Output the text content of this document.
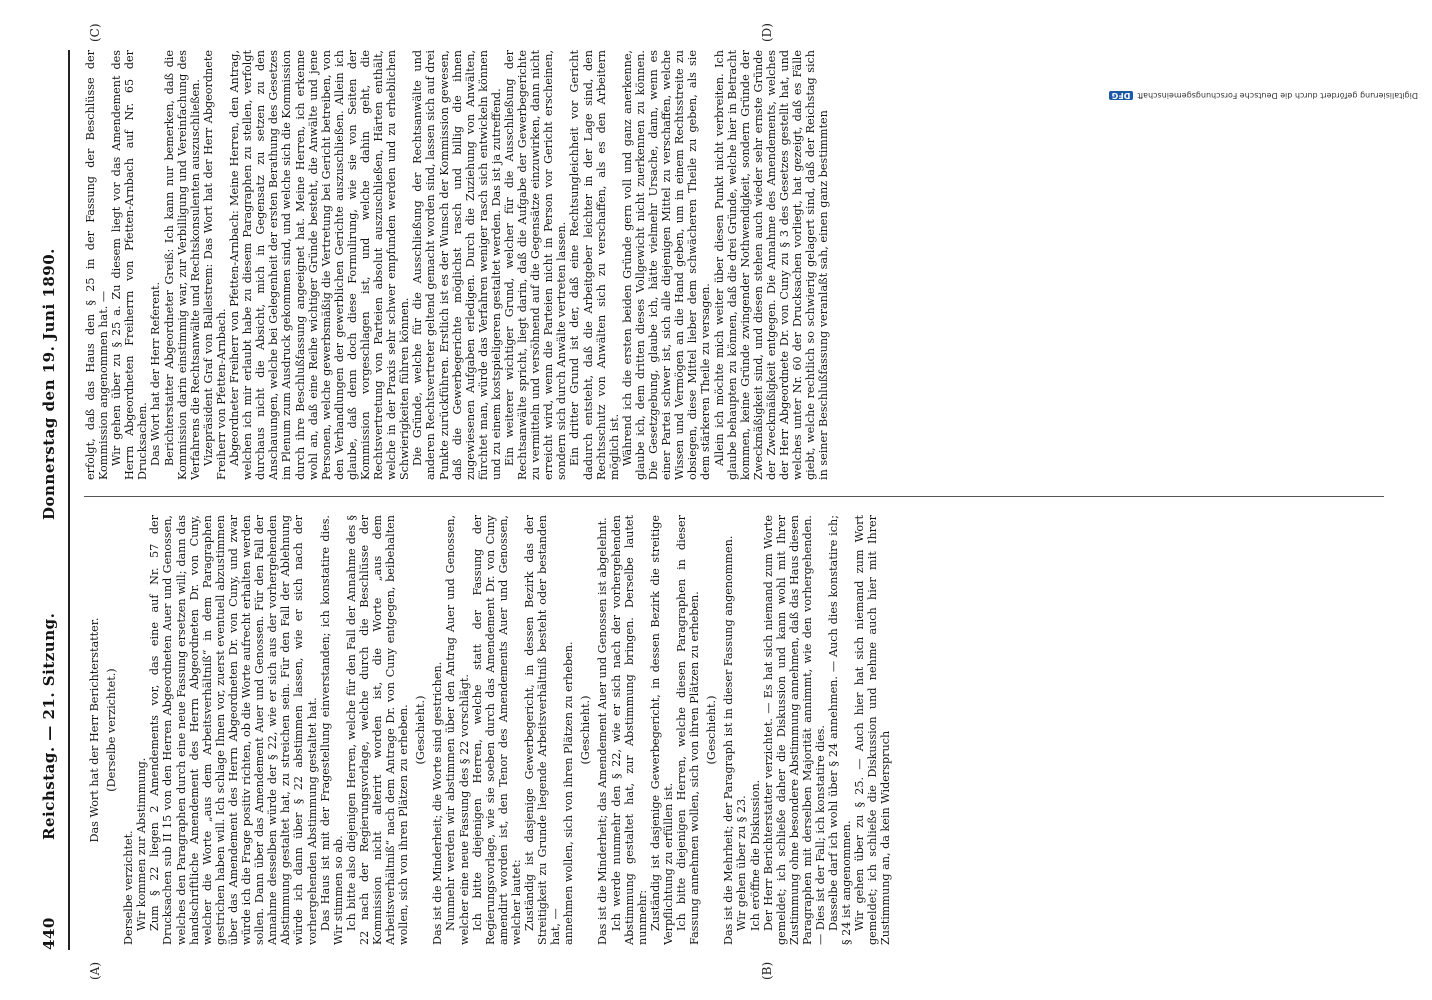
440
Reichstag. — 21. Sitzung.
Donnerstag den 19. Juni 1890.
(A)	(B)
(C)	(D)

Das Wort hat der Herr Berichterstatter. (Derselbe verzichtet.)

Derselbe verzichtet. Wir kommen zur Abstimmung. Zum § 22 liegen 2 Amendements vor, das eine auf Nr. 57 der Drucksachen sub II 15 von den Herren Abgeordneten Auer und Genossen, welches den Paragraphen durch eine neue Fassung ersetzen will; dann das handschriftliche Amendement des Herrn Abgeordneten Dr. von Cuny, welcher die Worte „aus dem Arbeitsverhältniß“ in dem Paragraphen gestrichen haben will. Ich schlage Ihnen vor, zuerst eventuell abzustimmen über das Amendement des Herrn Abgeordneten Dr. von Cuny, und zwar würde ich die Frage positiv richten, ob die Worte aufrecht erhalten werden sollen. Dann über das Amendement Auer und Genossen. Für den Fall der Annahme desselben würde der § 22, wie er sich aus der vorhergehenden Abstimmung gestaltet hat, zu streichen sein. Für den Fall der Ablehnung würde ich dann über § 22 abstimmen lassen, wie er sich nach der vorhergehenden Abstimmung gestaltet hat. Das Haus ist mit der Fragestellung einverstanden; ich konstatire dies. Wir stimmen so ab. Ich bitte also diejenigen Herren, welche für den Fall der Annahme des § 22 nach der Regierungsvorlage, welche durch die Beschlüsse der Kommission nicht alterirt worden ist, die Worte „aus dem Arbeitsverhältniß“ nach dem Antrage Dr. von Cuny entgegen, beibehalten wollen, sich von ihren Plätzen zu erheben. (Geschieht.) Das ist die Minderheit; die Worte sind gestrichen. Nunmehr werden wir abstimmen über den Antrag Auer und Genossen, welcher eine neue Fassung des § 22 vorschlägt. Ich bitte diejenigen Herren, welche statt der Fassung der Regierungsvorlage, wie sie soeben durch das Amendement Dr. von Cuny amendirt worden ist, den Tenor des Amendements Auer und Genossen, welcher lautet: Zuständig ist dasjenige Gewerbegericht, in dessen Bezirk das der Streitigkeit zu Grunde liegende Arbeitsverhältniß besteht oder bestanden hat, — annehmen wollen, sich von ihren Plätzen zu erheben. (Geschieht.) Das ist die Minderheit; das Amendement Auer und Genossen ist abgelehnt. Ich werde nunmehr den § 22, wie er sich nach der vorhergehenden Abstimmung gestaltet hat, zur Abstimmung bringen. Derselbe lautet nunmehr: Zuständig ist dasjenige Gewerbegericht, in dessen Bezirk die streitige Verpflichtung zu erfüllen ist. Ich bitte diejenigen Herren, welche diesen Paragraphen in dieser Fassung annehmen wollen, sich von ihren Plätzen zu erheben. (Geschieht.) Das ist die Mehrheit; der Paragraph ist in dieser Fassung angenommen. Wir gehen über zu § 23. Ich eröffne die Diskussion. Der Herr Berichterstatter verzichtet. — Es hat sich niemand zum Worte gemeldet; ich schließe daher die Diskussion und kann wohl mit Ihrer Zustimmung ohne besondere Abstimmung annehmen, daß das Haus diesen Paragraphen mit derselben Majorität annimmt, wie den vorhergehenden. — Dies ist der Fall; ich konstatire dies. Dasselbe darf ich wohl über § 24 annehmen. — Auch dies konstatire ich; § 24 ist angenommen. Wir gehen über zu § 25. — Auch hier hat sich niemand zum Wort gemeldet; ich schließe die Diskussion und nehme auch hier mit Ihrer Zustimmung an, da kein Widerspruch

erfolgt, daß das Haus den § 25 in der Fassung der Beschlüsse der Kommission angenommen hat. — Wir gehen über zu § 25 a. Zu diesem liegt vor das Amendement des Herrn Abgeordneten Freiherrn von Pfetten-Arnbach auf Nr. 65 der Drucksachen. Das Wort hat der Herr Referent. Berichterstatter Abgeordneter Greiß: Ich kann nur bemerken, daß die Kommission darin einstimmig war, zur Verbilligung und Vereinfachung des Verfahrens die Rechtsanwälte und Rechtskonsulenten auszuschließen. Vizepräsident Graf von Ballestrem: Das Wort hat der Herr Abgeordnete Freiherr von Pfetten-Arnbach. Abgeordneter Freiherr von Pfetten-Arnbach: Meine Herren, den Antrag, welchen ich mir erlaubt habe zu diesem Paragraphen zu stellen, verfolgt durchaus nicht die Absicht, mich in Gegensatz zu setzen zu den Anschauungen, welche bei Gelegenheit der ersten Berathung des Gesetzes im Plenum zum Ausdruck gekommen sind, und welche sich die Kommission durch ihre Beschlußfassung angeeignet hat. Meine Herren, ich erkenne wohl an, daß eine Reihe wichtiger Gründe besteht, die Anwälte und jene Personen, welche gewerbsmäßig die Vertretung bei Gericht betreiben, von den Verhandlungen der gewerblichen Gerichte auszuschließen. Allein ich glaube, daß denn doch diese Formulirung, wie sie von Seiten der Kommission vorgeschlagen ist, und welche dahin geht, die Rechtsvertretung von Parteien absolut auszuschließen, Härten enthält, welche in der Praxis sehr schwer empfunden werden und zu erheblichen Schwierigkeiten führen können. Die Gründe, welche für die Ausschließung der Rechtsanwälte und anderen Rechtsvertreter geltend gemacht worden sind, lassen sich auf drei Punkte zurückführen. Erstlich ist es der Wunsch der Kommission gewesen, daß die Gewerbegerichte möglichst rasch und billig die ihnen zugewiesenen Aufgaben erledigen. Durch die Zuziehung von Anwälten, fürchtet man, würde das Verfahren weniger rasch sich entwickeln können und zu einem kostspieligeren gestaltet werden. Das ist ja zutreffend. Ein weiterer wichtiger Grund, welcher für die Ausschließung der Rechtsanwälte spricht, liegt darin, daß die Aufgabe der Gewerbegerichte zu vermitteln und versöhnend auf die Gegensätze einzuwirken, dann nicht erreicht wird, wenn die Parteien nicht in Person vor Gericht erscheinen, sondern sich durch Anwälte vertreten lassen. Ein dritter Grund ist der, daß eine Rechtsungleichheit vor Gericht dadurch entsteht, daß die Arbeitgeber leichter in der Lage sind, den Rechtsschutz von Anwälten sich zu verschaffen, als es den Arbeitern möglich ist. Während ich die ersten beiden Gründe gern voll und ganz anerkenne, glaube ich, dem dritten dieses Vollgewicht nicht zuerkennen zu können. Die Gesetzgebung, glaube ich, hätte vielmehr Ursache, dann, wenn es einer Partei schwer ist, sich alle diejenigen Mittel zu verschaffen, welche Wissen und Vermögen an die Hand geben, um in einem Rechtsstreite zu obsiegen, diese Mittel lieber dem schwächeren Theile zu geben, als sie dem stärkeren Theile zu versagen. Allein ich möchte mich weiter über diesen Punkt nicht verbreiten. Ich glaube behaupten zu können, daß die drei Gründe, welche hier in Betracht kommen, keine Gründe zwingender Nothwendigkeit, sondern Gründe der Zweckmäßigkeit sind, und diesen stehen auch wieder sehr ernste Gründe der Zweckmäßigkeit entgegen. Die Annahme des Amendements, welches der Herr Abgeordnete Dr. von Cuny zu § 3 des Gesetzes gestellt hat, und welches unter Nr. 60 der Drucksachen vorliegt, hat gezeigt, daß es Fälle giebt, welche rechtlich so schwierig gelagert sind, daß der Reichstag sich in seiner Beschlußfassung veranlaßt sah, einen ganz bestimmten

Digitalisierung gefördert durch die Deutsche ForschungsgemeinschaftDFG
